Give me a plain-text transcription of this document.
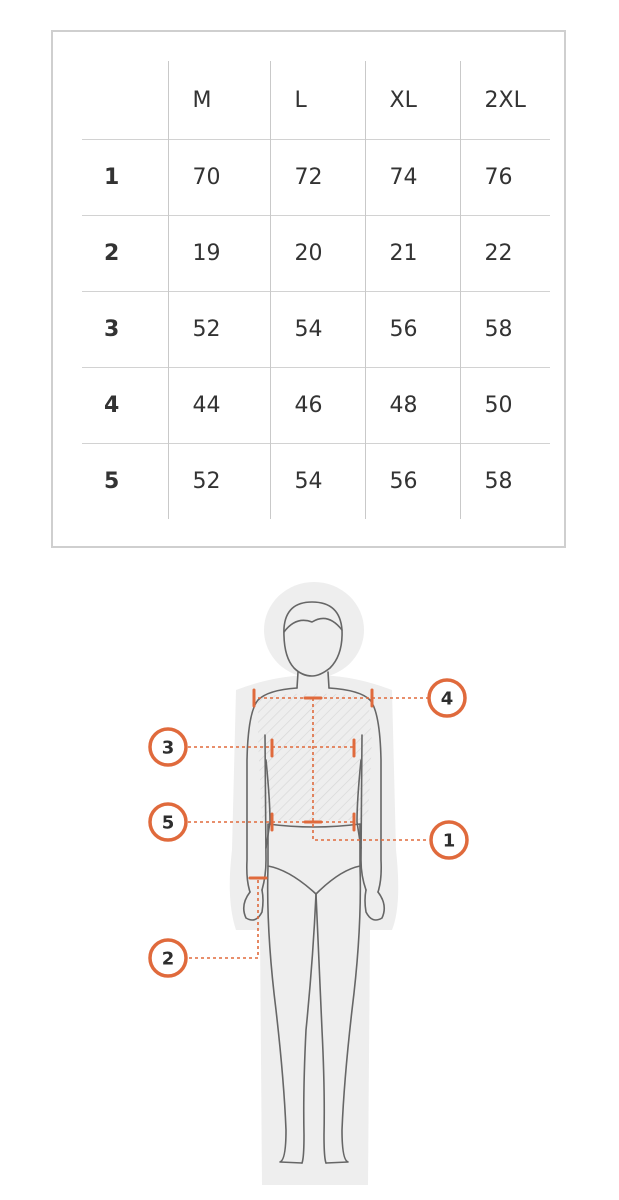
	M	L	XL	2XL
1	70	72	74	76
2	19	20	21	22
3	52	54	56	58
4	44	46	48	50
5	52	54	56	58
4
3
5
1
2
